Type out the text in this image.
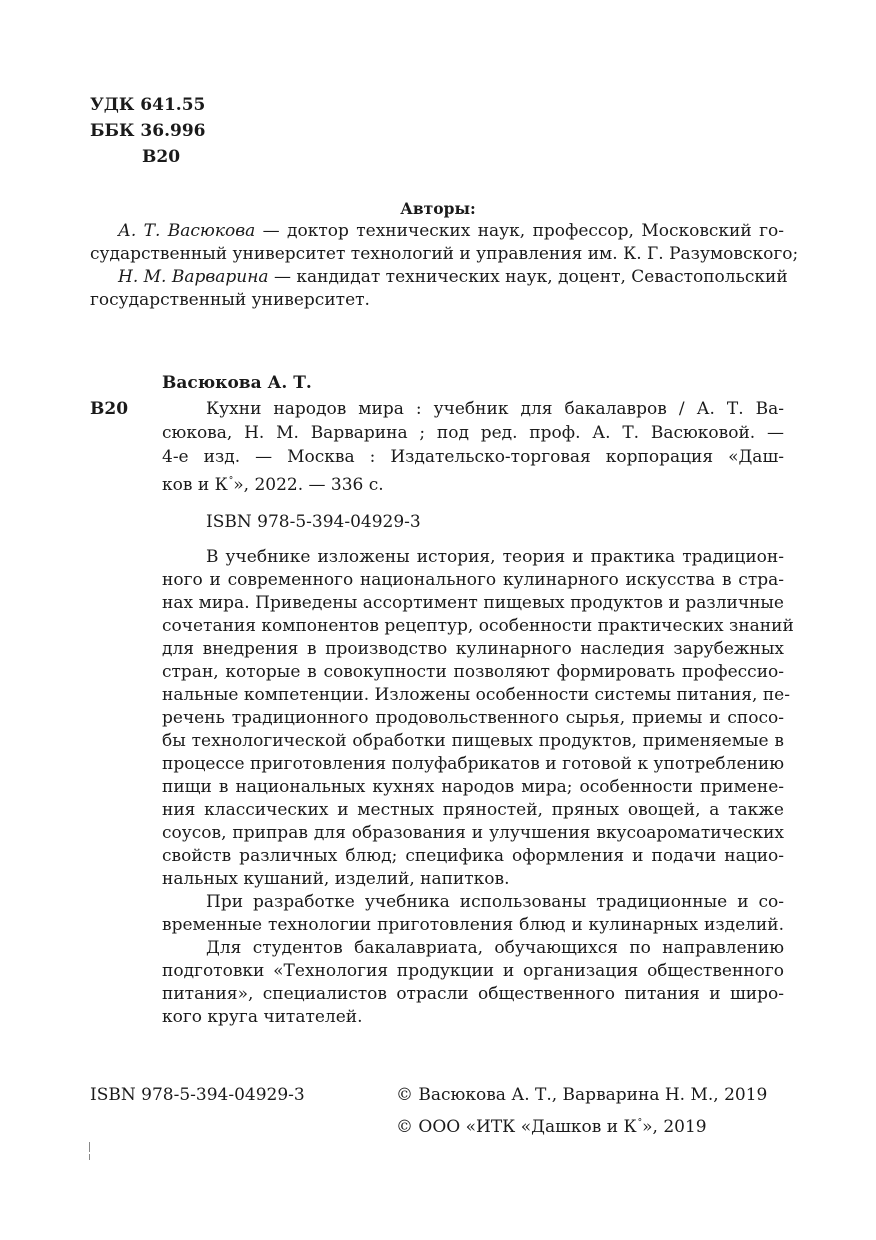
УДК 641.55
ББК 36.996
В20
Авторы:
А. Т. Васюкова — доктор технических наук, профессор, Московский го-
сударственный университет технологий и управления им. К. Г. Разумовского;
Н. М. Варварина — кандидат технических наук, доцент, Севастопольский
государственный университет.
Васюкова А. Т.
В20	Кухни народов мира : учебник для бакалавров / А. Т. Ва-
сюкова, Н. М. Варварина ; под ред. проф. А. Т. Васюковой. —
4-е изд. — Москва : Издательско-торговая корпорация «Даш-
ков и К°», 2022. — 336 с.
ISBN 978-5-394-04929-3
В учебнике изложены история, теория и практика традицион-
ного и современного национального кулинарного искусства в стра-
нах мира. Приведены ассортимент пищевых продуктов и различные
сочетания компонентов рецептур, особенности практических знаний
для внедрения в производство кулинарного наследия зарубежных
стран, которые в совокупности позволяют формировать профессио-
нальные компетенции. Изложены особенности системы питания, пе-
речень традиционного продовольственного сырья, приемы и спосо-
бы технологической обработки пищевых продуктов, применяемые в
процессе приготовления полуфабрикатов и готовой к употреблению
пищи в национальных кухнях народов мира; особенности примене-
ния классических и местных пряностей, пряных овощей, а также
соусов, приправ для образования и улучшения вкусоароматических
свойств различных блюд; специфика оформления и подачи нацио-
нальных кушаний, изделий, напитков.
При разработке учебника использованы традиционные и со-
временные технологии приготовления блюд и кулинарных изделий.
Для студентов бакалавриата, обучающихся по направлению
подготовки «Технология продукции и организация общественного
питания», специалистов отрасли общественного питания и широ-
кого круга читателей.
ISBN 978-5-394-04929-3	© Васюкова А. Т., Варварина Н. М., 2019
© ООО «ИТК «Дашков и К°», 2019
